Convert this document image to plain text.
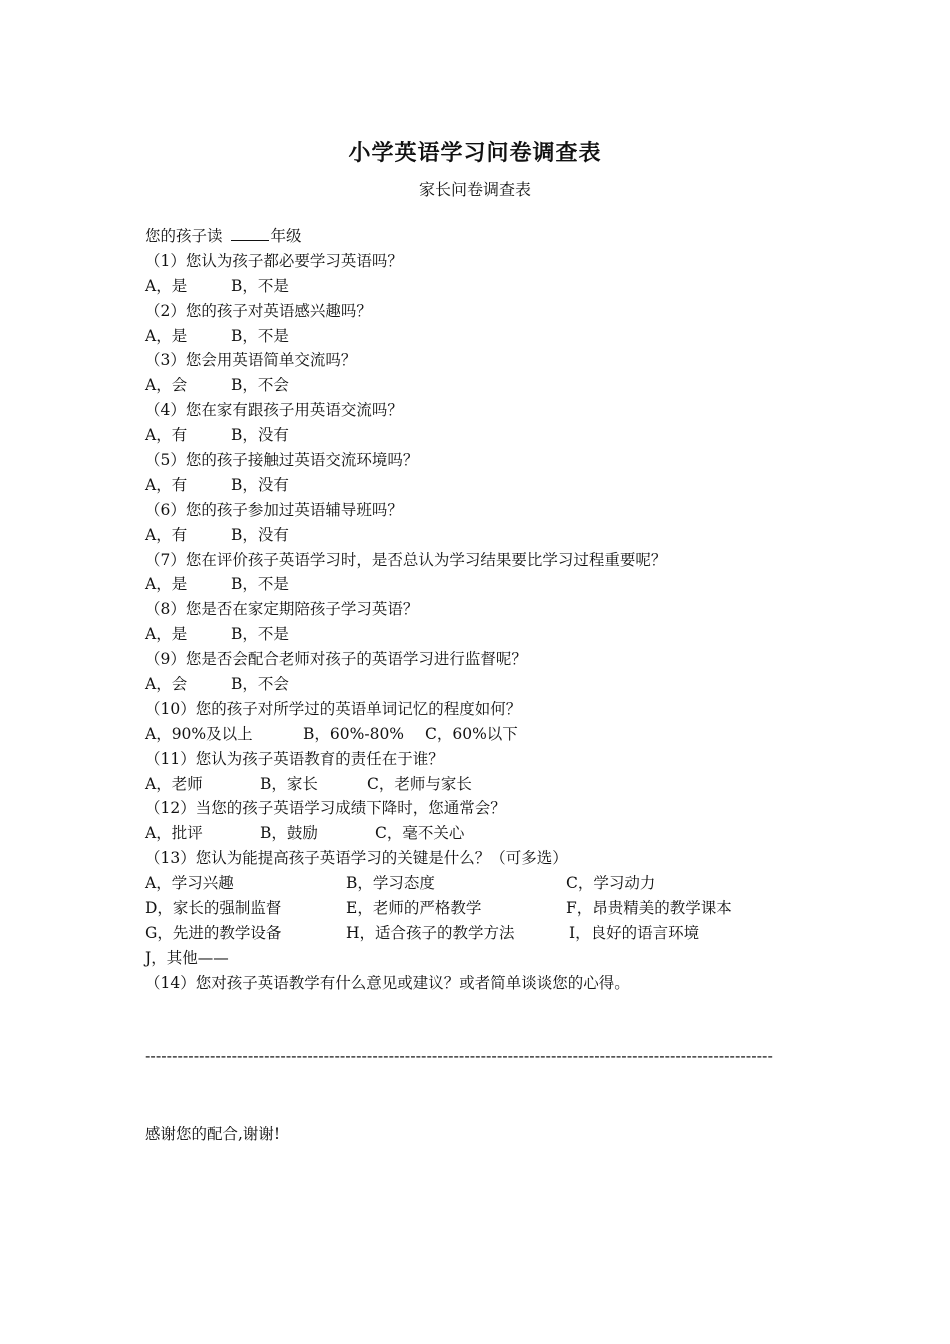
小学英语学习问卷调查表
家长问卷调查表
您的孩子读	年级
（1）您认为孩子都必要学习英语吗？
A，是	B，不是
（2）您的孩子对英语感兴趣吗？
A，是	B，不是
（3）您会用英语简单交流吗？
A，会	B，不会
（4）您在家有跟孩子用英语交流吗？
A，有	B，没有
（5）您的孩子接触过英语交流环境吗？
A，有	B，没有
（6）您的孩子参加过英语辅导班吗？
A，有	B，没有
（7）您在评价孩子英语学习时，是否总认为学习结果要比学习过程重要呢？
A，是	B，不是
（8）您是否在家定期陪孩子学习英语？
A，是	B，不是
（9）您是否会配合老师对孩子的英语学习进行监督呢？
A，会	B，不会
（10）您的孩子对所学过的英语单词记忆的程度如何？
A，90%及以上	B，60%-80% C，60%以下
（11）您认为孩子英语教育的责任在于谁？
A，老师	B，家长	C，老师与家长
（12）当您的孩子英语学习成绩下降时，您通常会？
A，批评	B，鼓励	C，毫不关心
（13）您认为能提高孩子英语学习的关键是什么？（可多选）
A，学习兴趣	B，学习态度	C，学习动力
D，家长的强制监督	E，老师的严格教学	F，昂贵精美的教学课本
G，先进的教学设备	H，适合孩子的教学方法	I，良好的语言环境
J，其他——
（14）您对孩子英语教学有什么意见或建议？或者简单谈谈您的心得。
--------------------------------------------------------------------------------------------------------------------
感谢您的配合,谢谢!
